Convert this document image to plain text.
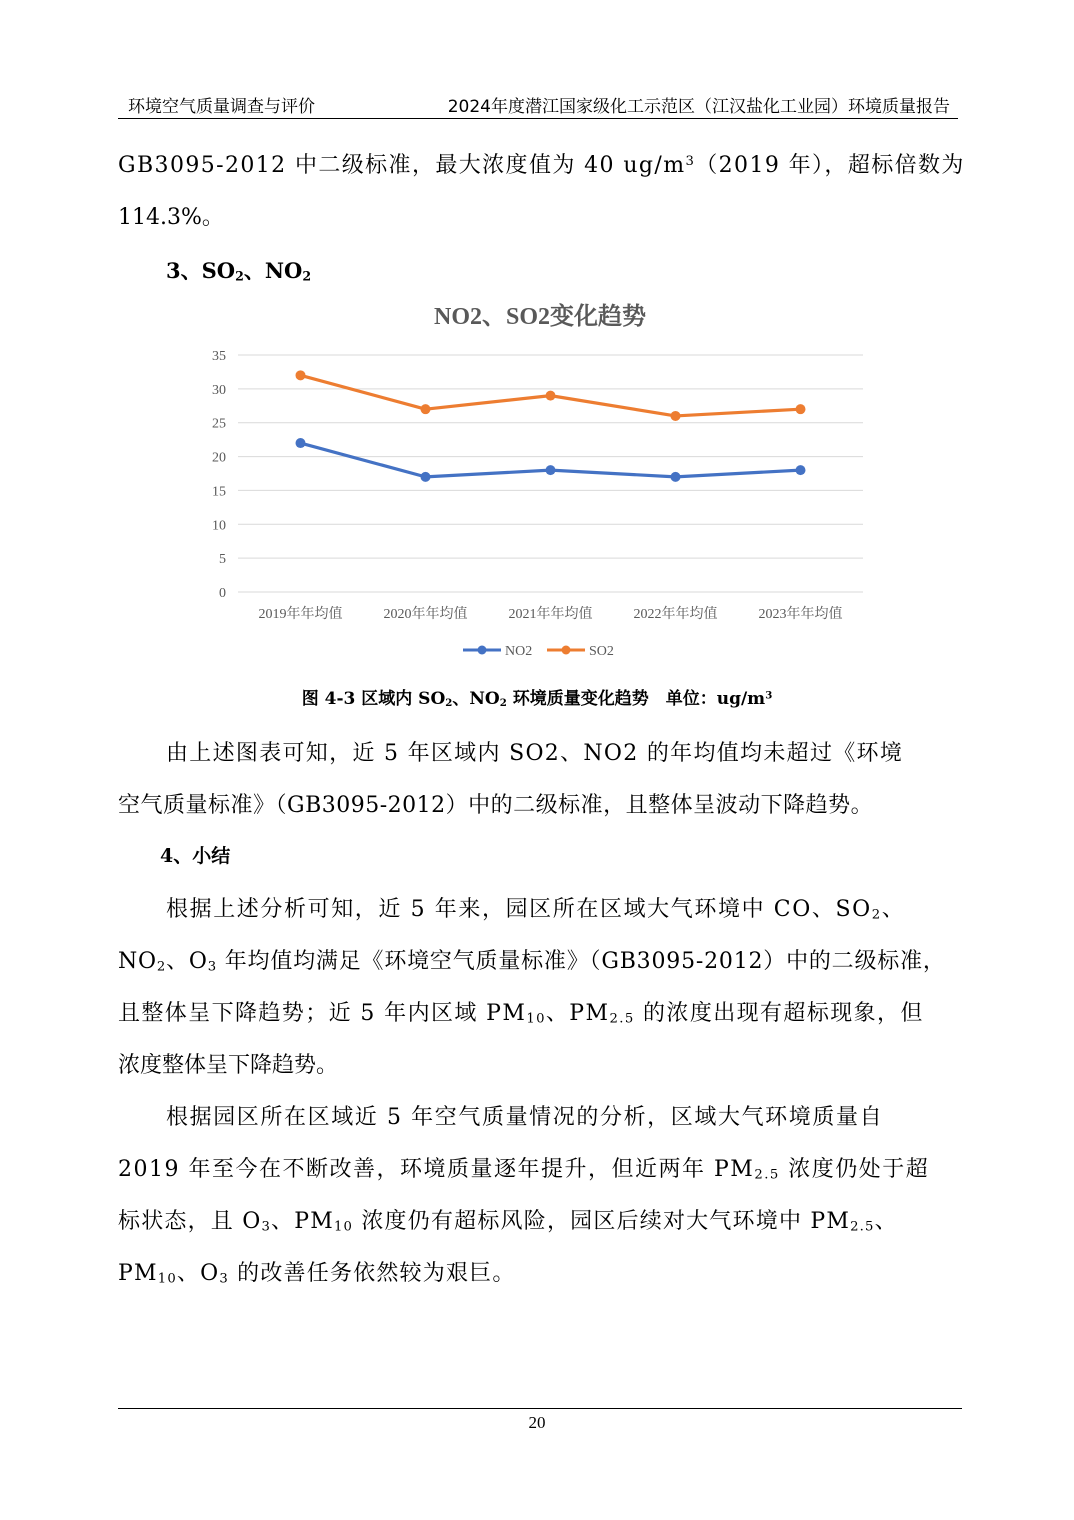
环境空气质量调查与评价	2024年度潜江国家级化工示范区（江汉盐化工业园）环境质量报告

GB3095-2012 中二级标准，最大浓度值为 40 $ug/m^3(2019$ 年），超标倍数为

114.3%。

3、$SO_2$、$NO_2$

NO2、SO2变化趋势
0
5
10
15
20
25
30
35
2019年年均值	2020年年均值	2021年年均值	2022年年均值	2023年年均值
NO2	SO2
图 4-3 区域内 $SO_2$、$NO_2$ 环境质量变化趋势　单位：$ug/m^3$

由上述图表可知，近 5 年区域内 SO2、NO2 的年均值均未超过《环境

空气质量标准》（GB3095-2012）中的二级标准，且整体呈波动下降趋势。

4、小结

根据上述分析可知，近 5 年来，园区所在区域大气环境中 CO、$SO_2$、

$NO_2$、$O_3$ 年均值均满足《环境空气质量标准》（GB3095-2012）中的二级标准，

且整体呈下降趋势；近 5 年内区域 $PM_{10}$、$PM_{2.5}$ 的浓度出现有超标现象，但

浓度整体呈下降趋势。

根据园区所在区域近 5 年空气质量情况的分析，区域大气环境质量自

2019 年至今在不断改善，环境质量逐年提升，但近两年 $PM_{2.5}$ 浓度仍处于超

标状态，且 $O_3$、$PM_{10}$ 浓度仍有超标风险，园区后续对大气环境中 $PM_{2.5}$、

$PM_{10}$、$O_3$ 的改善任务依然较为艰巨。

20
